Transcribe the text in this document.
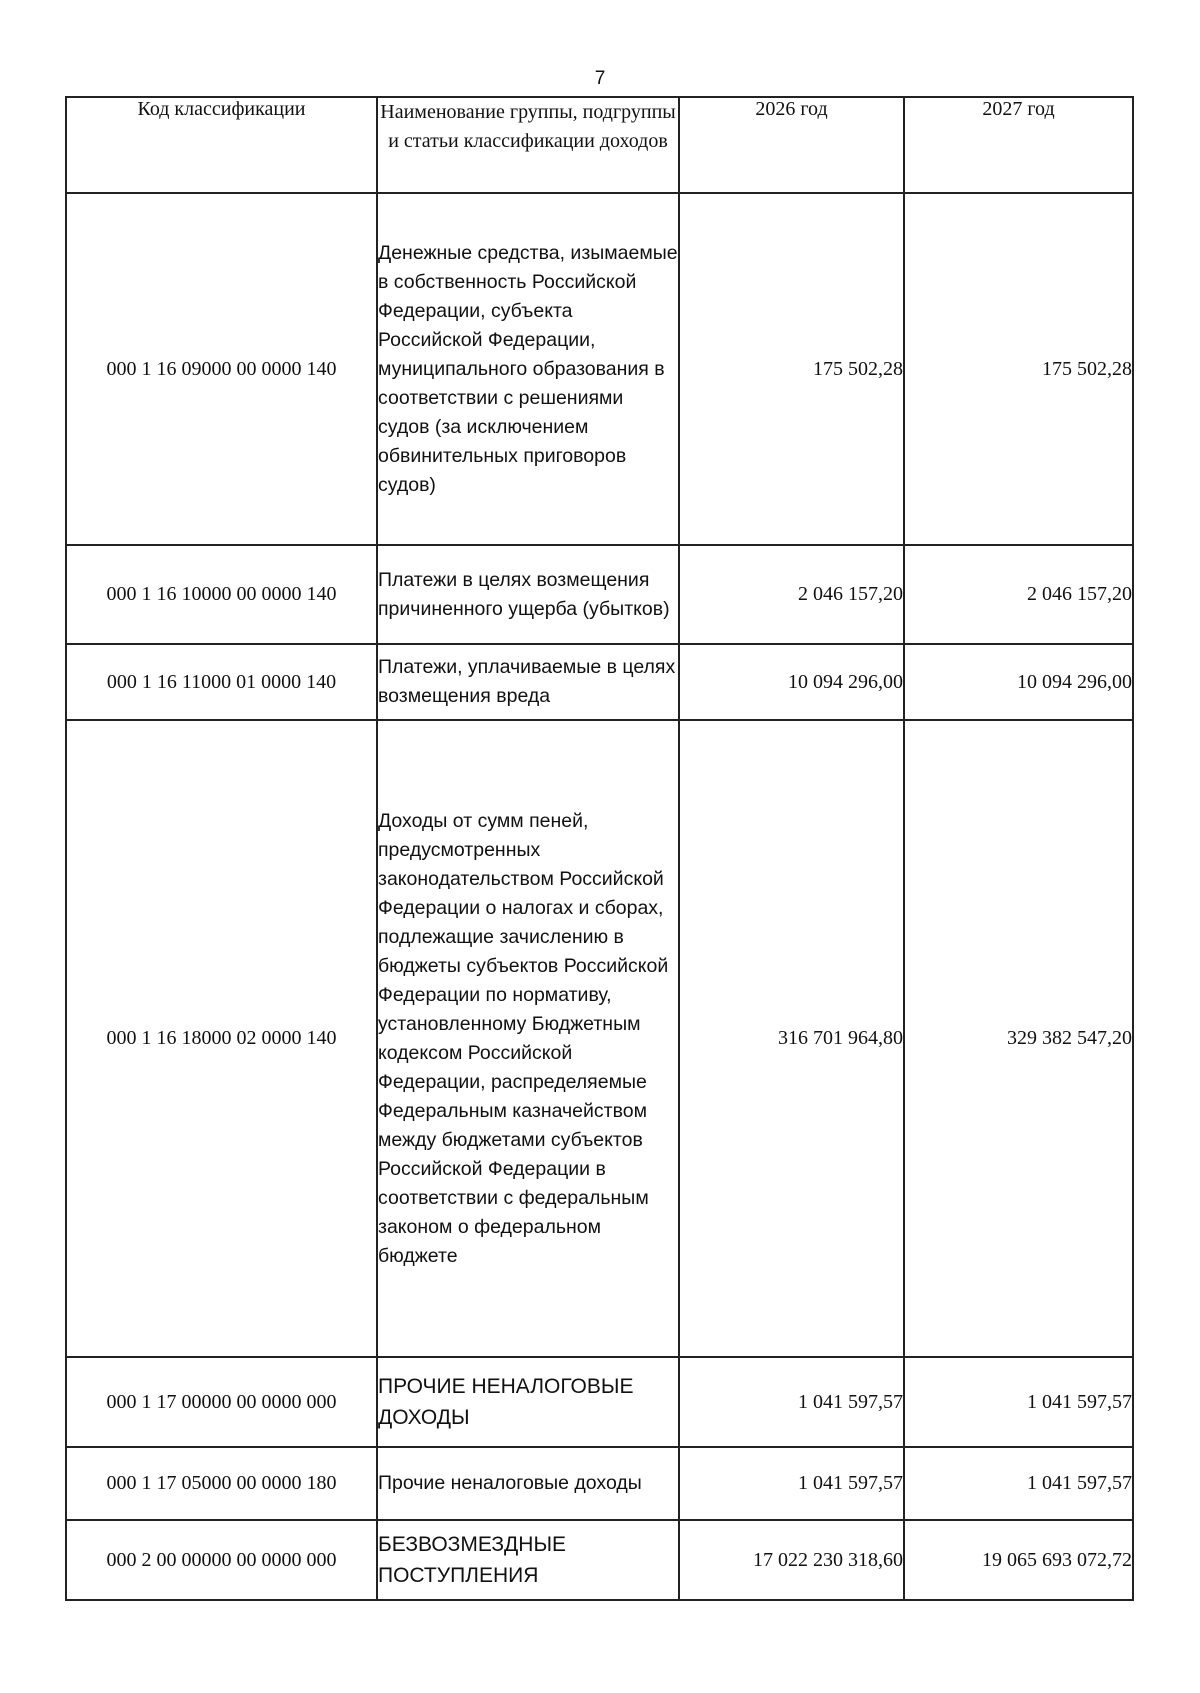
7
Код классификации	Наименование группы, подгруппы и статьи классификации доходов	2026 год	2027 год
000 1 16 09000 00 0000 140	Денежные средства, изымаемые в собственность Российской Федерации, субъекта Российской Федерации, муниципального образования в соответствии с решениями судов (за исключением обвинительных приговоров судов)	175 502,28	175 502,28
000 1 16 10000 00 0000 140	Платежи в целях возмещения причиненного ущерба (убытков)	2 046 157,20	2 046 157,20
000 1 16 11000 01 0000 140	Платежи, уплачиваемые в целях возмещения вреда	10 094 296,00	10 094 296,00
000 1 16 18000 02 0000 140	Доходы от сумм пеней, предусмотренных законодательством Российской Федерации о налогах и сборах, подлежащие зачислению в бюджеты субъектов Российской Федерации по нормативу, установленному Бюджетным кодексом Российской Федерации, распределяемые Федеральным казначейством между бюджетами субъектов Российской Федерации в соответствии с федеральным законом о федеральном бюджете	316 701 964,80	329 382 547,20
000 1 17 00000 00 0000 000	ПРОЧИЕ НЕНАЛОГОВЫЕ ДОХОДЫ	1 041 597,57	1 041 597,57
000 1 17 05000 00 0000 180	Прочие неналоговые доходы	1 041 597,57	1 041 597,57
000 2 00 00000 00 0000 000	БЕЗВОЗМЕЗДНЫЕ ПОСТУПЛЕНИЯ	17 022 230 318,60	19 065 693 072,72
